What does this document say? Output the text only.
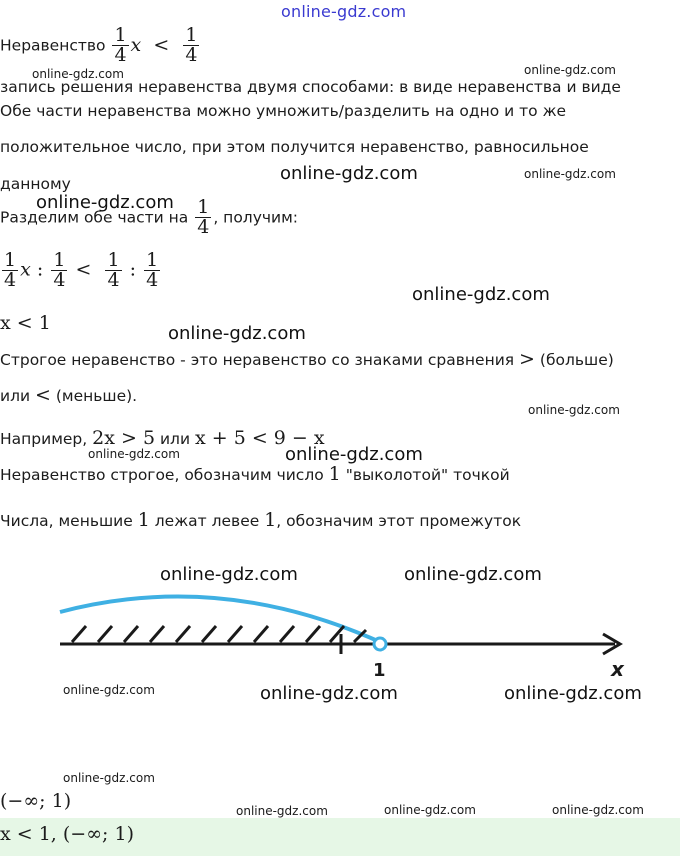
online-gdz.com
Неравенство $\frac{1}{4}$ $x < \frac{1}{4}$
запись решения неравенства двумя способами: в виде неравенства и виде
Обе части неравенства можно умножить/разделить на одно и то же
положительное число, при этом получится неравенство, равносильное
данному
Разделим обе части на $\frac{1}{4}$ , получим:
$\frac{1}{4}$ x : $\frac{1}{4} < \frac{1}{4}$ : $\frac{1}{4}$
x < 1
Строгое неравенство - это неравенство со знаками сравнения > (больше)
или < (меньше).
Например, 2x > 5 или x + 5 < 9 − x
Неравенство строгое, обозначим число 1 "выколотой" точкой
Числа, меньшие 1 лежат левее 1, обозначим этот промежуток
1	x
(−∞; 1)
x < 1, (−∞; 1)
online-gdz.com	online-gdz.com
online-gdz.com	online-gdz.com
online-gdz.com
online-gdz.com
online-gdz.com
online-gdz.com
online-gdz.com	online-gdz.com
online-gdz.com	online-gdz.com
online-gdz.com	online-gdz.com	online-gdz.com
online-gdz.com
online-gdz.com	online-gdz.com	online-gdz.com
